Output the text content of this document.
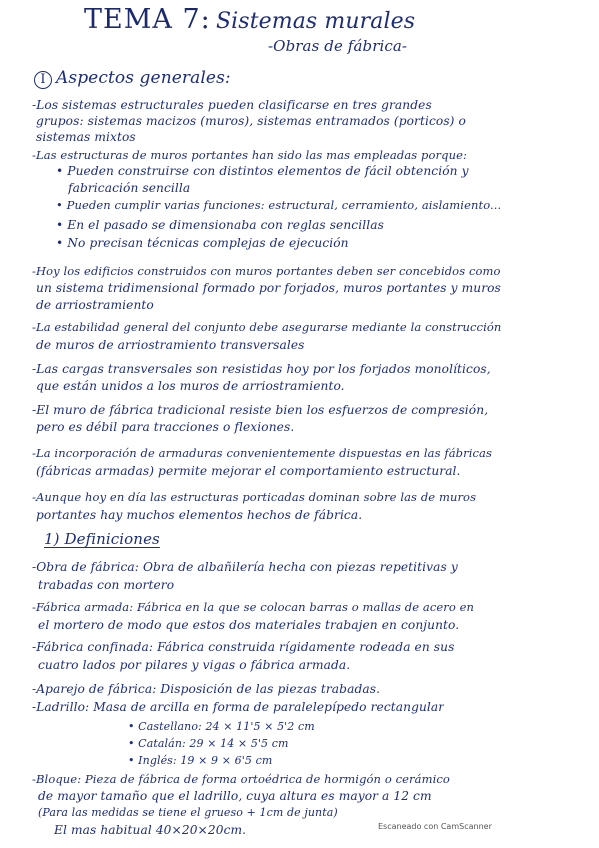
TEMA 7: Sistemas murales
-Obras de fábrica-
I Aspectos generales:
-Los sistemas estructurales pueden clasificarse en tres grandes
grupos: sistemas macizos (muros), sistemas entramados (porticos) o
sistemas mixtos
-Las estructuras de muros portantes han sido las mas empleadas porque:
• Pueden construirse con distintos elementos de fácil obtención y
fabricación sencilla
• Pueden cumplir varias funciones: estructural, cerramiento, aislamiento...
• En el pasado se dimensionaba con reglas sencillas
• No precisan técnicas complejas de ejecución
-Hoy los edificios construidos con muros portantes deben ser concebidos como
un sistema tridimensional formado por forjados, muros portantes y muros
de arriostramiento
-La estabilidad general del conjunto debe asegurarse mediante la construcción
de muros de arriostramiento transversales
-Las cargas transversales son resistidas hoy por los forjados monolíticos,
que están unidos a los muros de arriostramiento.
-El muro de fábrica tradicional resiste bien los esfuerzos de compresión,
pero es débil para tracciones o flexiones.
-La incorporación de armaduras convenientemente dispuestas en las fábricas
(fábricas armadas) permite mejorar el comportamiento estructural.
-Aunque hoy en día las estructuras porticadas dominan sobre las de muros
portantes hay muchos elementos hechos de fábrica.
1) Definiciones
-Obra de fábrica: Obra de albañilería hecha con piezas repetitivas y
trabadas con mortero
-Fábrica armada: Fábrica en la que se colocan barras o mallas de acero en
el mortero de modo que estos dos materiales trabajen en conjunto.
-Fábrica confinada: Fábrica construida rígidamente rodeada en sus
cuatro lados por pilares y vigas o fábrica armada.
-Aparejo de fábrica: Disposición de las piezas trabadas.
-Ladrillo: Masa de arcilla en forma de paralelepípedo rectangular
• Castellano: 24 × 11'5 × 5'2 cm
• Catalán: 29 × 14 × 5'5 cm
• Inglés: 19 × 9 × 6'5 cm
-Bloque: Pieza de fábrica de forma ortoédrica de hormigón o cerámico
de mayor tamaño que el ladrillo, cuya altura es mayor a 12 cm
(Para las medidas se tiene el grueso + 1cm de junta)
El mas habitual 40×20×20cm.	Escaneado con CamScanner
